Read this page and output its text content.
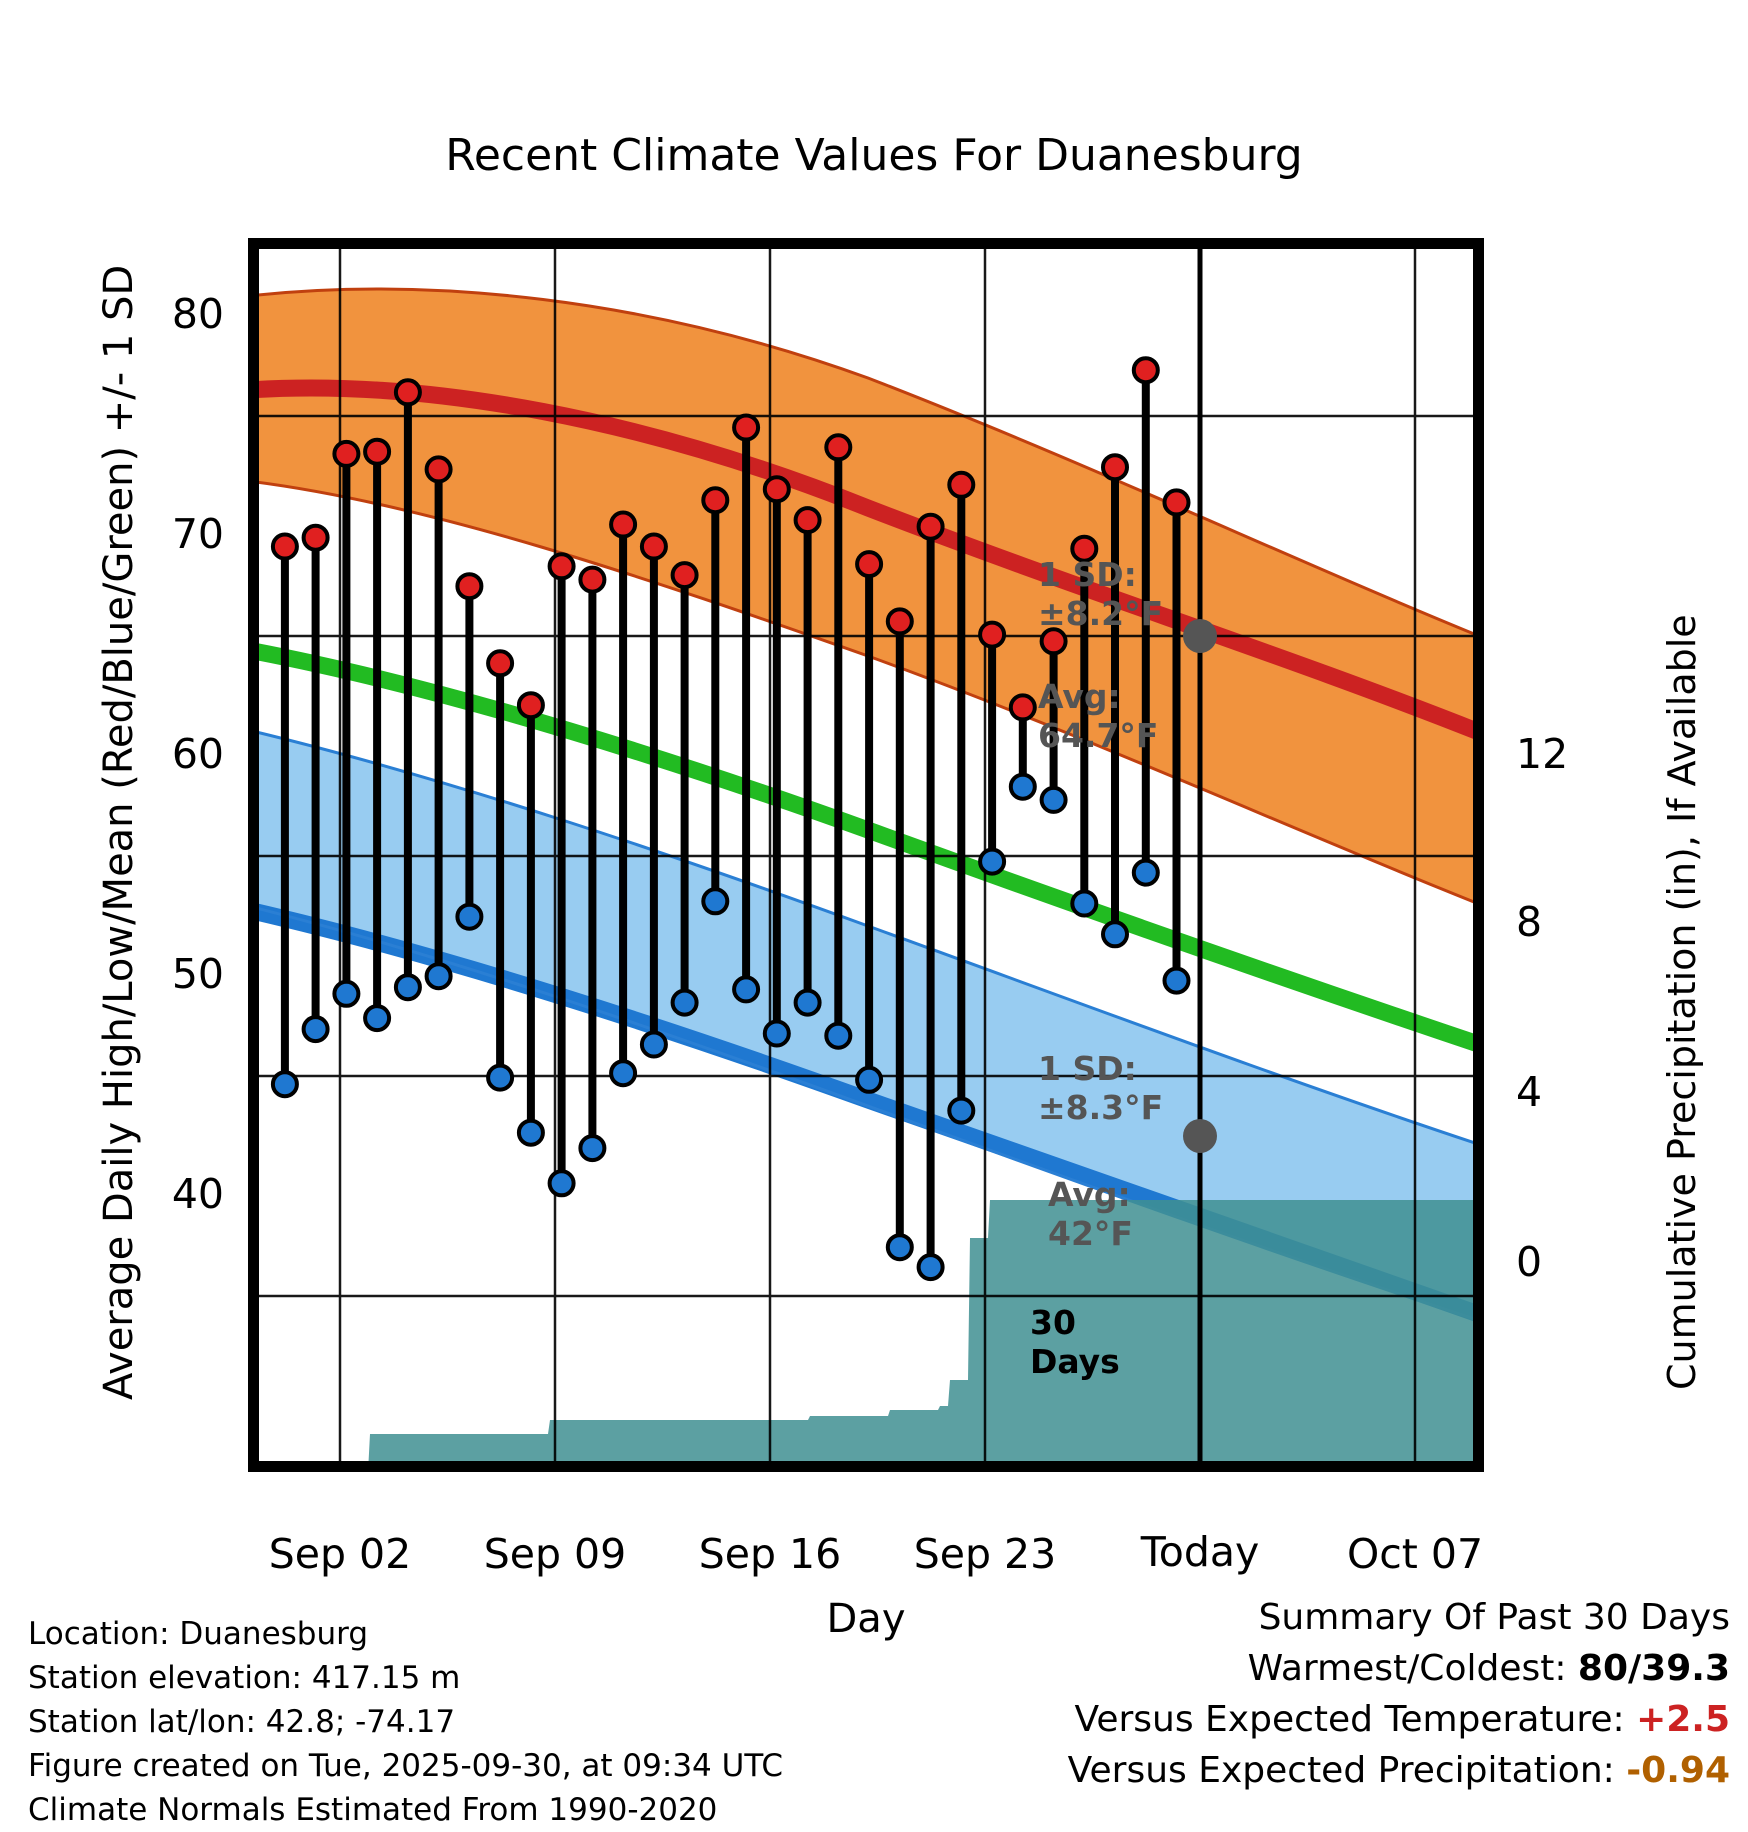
Recent Climate Values For Duanesburg
Average Daily High/Low/Mean (Red/Blue/Green) +/- 1 SD	Cumulative Precipitation (in), If Available
1 SD:
±8.2°F
Avg:
64.7°F
1 SD:
±8.3°F
Avg:
42°F
30
Days
80
70
60
50
40
12
8
4
0
Sep 02	Sep 09	Sep 16	Sep 23	Today	Oct 07
Day
Location: Duanesburg
Station elevation: 417.15 m
Station lat/lon: 42.8; -74.17
Figure created on Tue, 2025-09-30, at 09:34 UTC
Climate Normals Estimated From 1990-2020
Summary Of Past 30 Days
Warmest/Coldest: 80/39.3
Versus Expected Temperature: +2.5
Versus Expected Precipitation: -0.94
